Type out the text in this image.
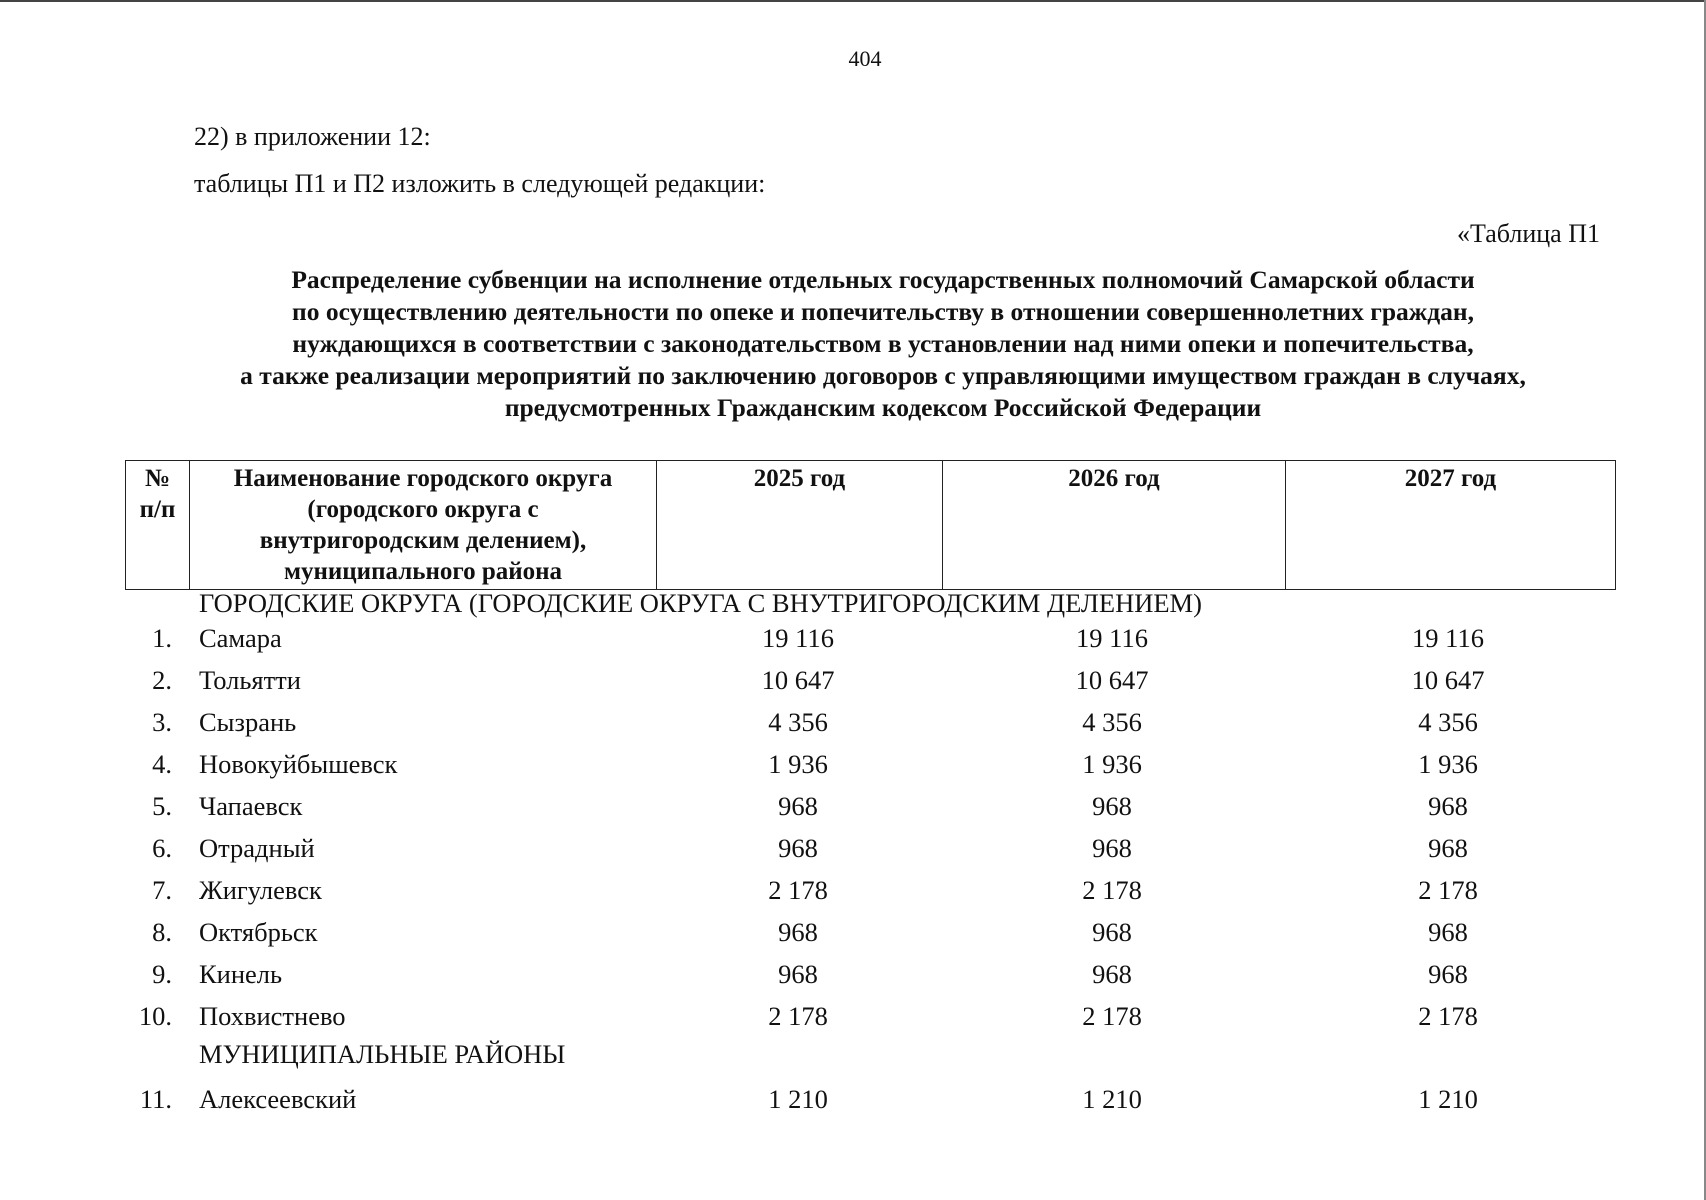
404
22) в приложении 12:
таблицы П1 и П2 изложить в следующей редакции:
«Таблица П1
Распределение субвенции на исполнение отдельных государственных полномочий Самарской области
по осуществлению деятельности по опеке и попечительству в отношении совершеннолетних граждан,
нуждающихся в соответствии с законодательством в установлении над ними опеки и попечительства,
а также реализации мероприятий по заключению договоров с управляющими имуществом граждан в случаях,
предусмотренных Гражданским кодексом Российской Федерации
№
п/п

Наименование городского округа
(городского округа с
внутригородским делением),
муниципального района
	2025 год	2026 год	2027 год
ГОРОДСКИЕ ОКРУГА (ГОРОДСКИЕ ОКРУГА С ВНУТРИГОРОДСКИМ ДЕЛЕНИЕМ)
1. Самара	19 116	19 116	19 116
2. Тольятти	10 647	10 647	10 647
3. Сызрань	4 356	4 356	4 356
4. Новокуйбышевск	1 936	1 936	1 936
5. Чапаевск	968	968	968
6. Отрадный	968	968	968
7. Жигулевск	2 178	2 178	2 178
8. Октябрьск	968	968	968
9. Кинель	968	968	968
10. Похвистнево	2 178	2 178	2 178
МУНИЦИПАЛЬНЫЕ РАЙОНЫ
11. Алексеевский	1 210	1 210	1 210
